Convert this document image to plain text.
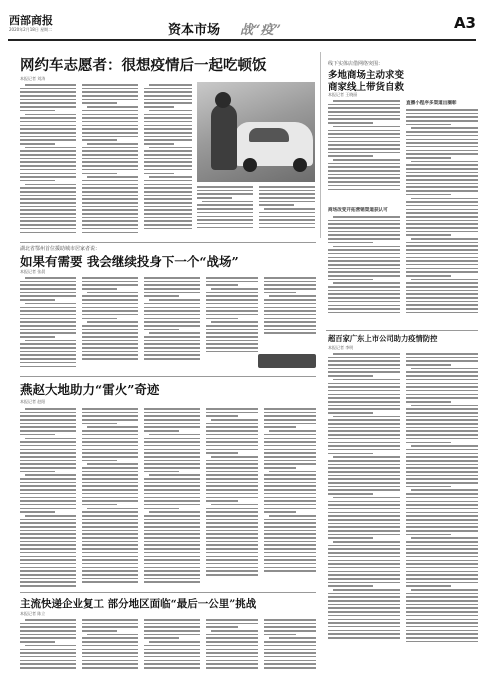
西部商报
2020年2月18日 星期二	资本市场 战“疫”	A3
网约车志愿者：很想疫情后一起吃顿饭
本报记者 刘涛
线下实体店借网络突围：
多地商场主动求变
商家线上带货自救
本报记者 王晓丽
商场改变开拓营销渠道获认可
直播小程序多渠道出圈彰
湖北省鄂州首位援助城市居家者说：
如果有需要 我会继续投身下一个“战场”
本报记者 张晨
燕赵大地助力“雷火”奇迹
本报记者 赵阳
超百家广东上市公司助力疫情防控
本报记者 李明
主流快递企业复工 部分地区面临“最后一公里”挑战
本报记者 陈立
